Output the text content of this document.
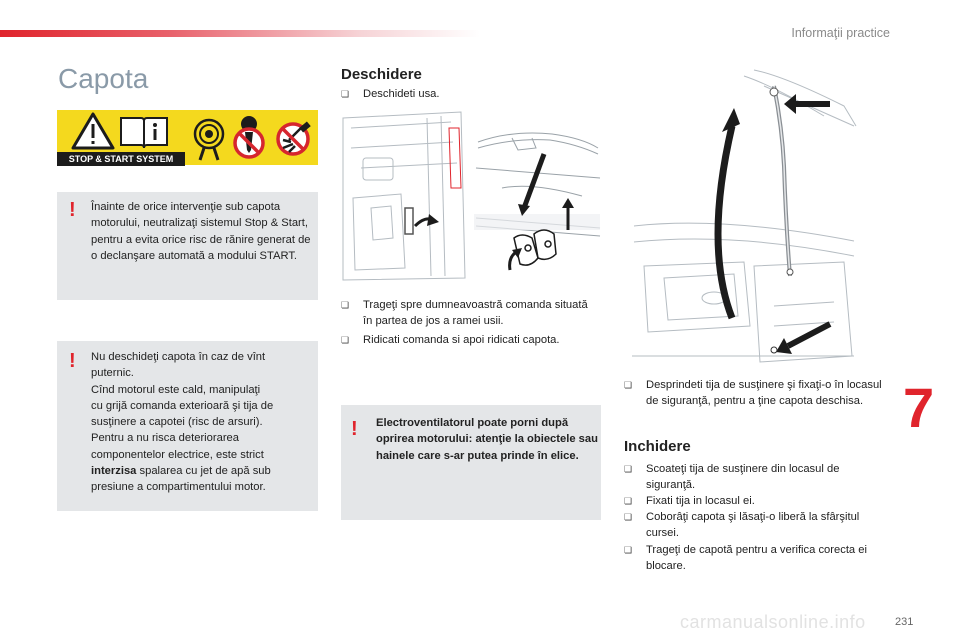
Informaţii practice
Capota
STOP & START SYSTEM
! Înainte de orice intervenţie sub capota motorului, neutralizaţi sistemul Stop & Start, pentru a evita orice risc de rănire generat de o declanşare automată a modului START.
! Nu deschideţi capota în caz de vînt
puternic.
Cînd motorul este cald, manipulaţi
cu grijă comanda exterioară şi tija de
susţinere a capotei (risc de arsuri).
Pentru a nu risca deteriorarea
componentelor electrice, este strict
interzisa spalarea cu jet de apă sub
presiune a compartimentului motor.
Deschidere
❏ Deschideti usa.
❏ Trageţi spre dumneavoastră comanda situată în partea de jos a ramei usii.
❏ Ridicati comanda si apoi ridicati capota.
! Electroventilatorul poate porni după oprirea motorului: atenţie la obiectele sau hainele care s-ar putea prinde în elice.
❏ Desprindeti tija de susţinere şi fixaţi-o în locasul de siguranţă, pentru a ţine capota deschisa.
Inchidere
❏ Scoateţi tija de susţinere din locasul de siguranţă.
❏ Fixati tija in locasul ei.
❏ Coborâţi capota şi lăsaţi-o liberă la sfârşitul cursei.
❏ Trageţi de capotă pentru a verifica corecta ei blocare.
7
carmanualsonline.info	231
